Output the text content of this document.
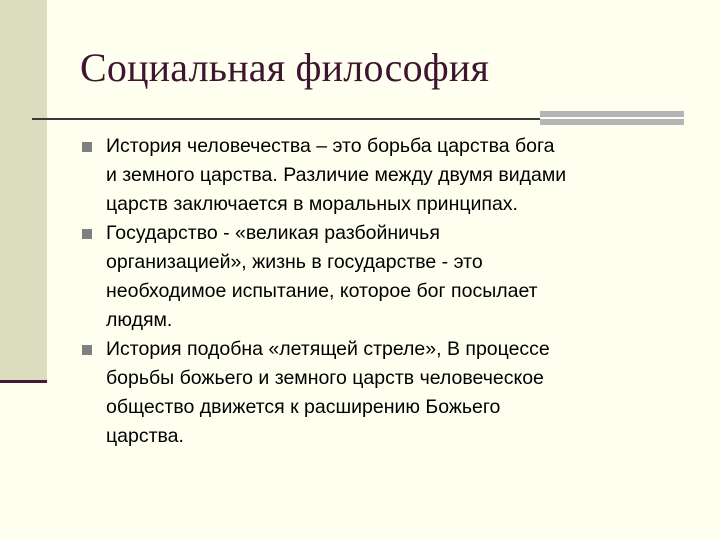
Социальная философия
История человечества – это борьба царства бога
и земного царства. Различие между двумя видами
царств заключается в моральных принципах.
Государство - «великая разбойничья
организацией», жизнь в государстве - это
необходимое испытание, которое бог посылает
людям.
История подобна «летящей стреле», В процессе
борьбы божьего и земного царств человеческое
общество движется к расширению Божьего
царства.
